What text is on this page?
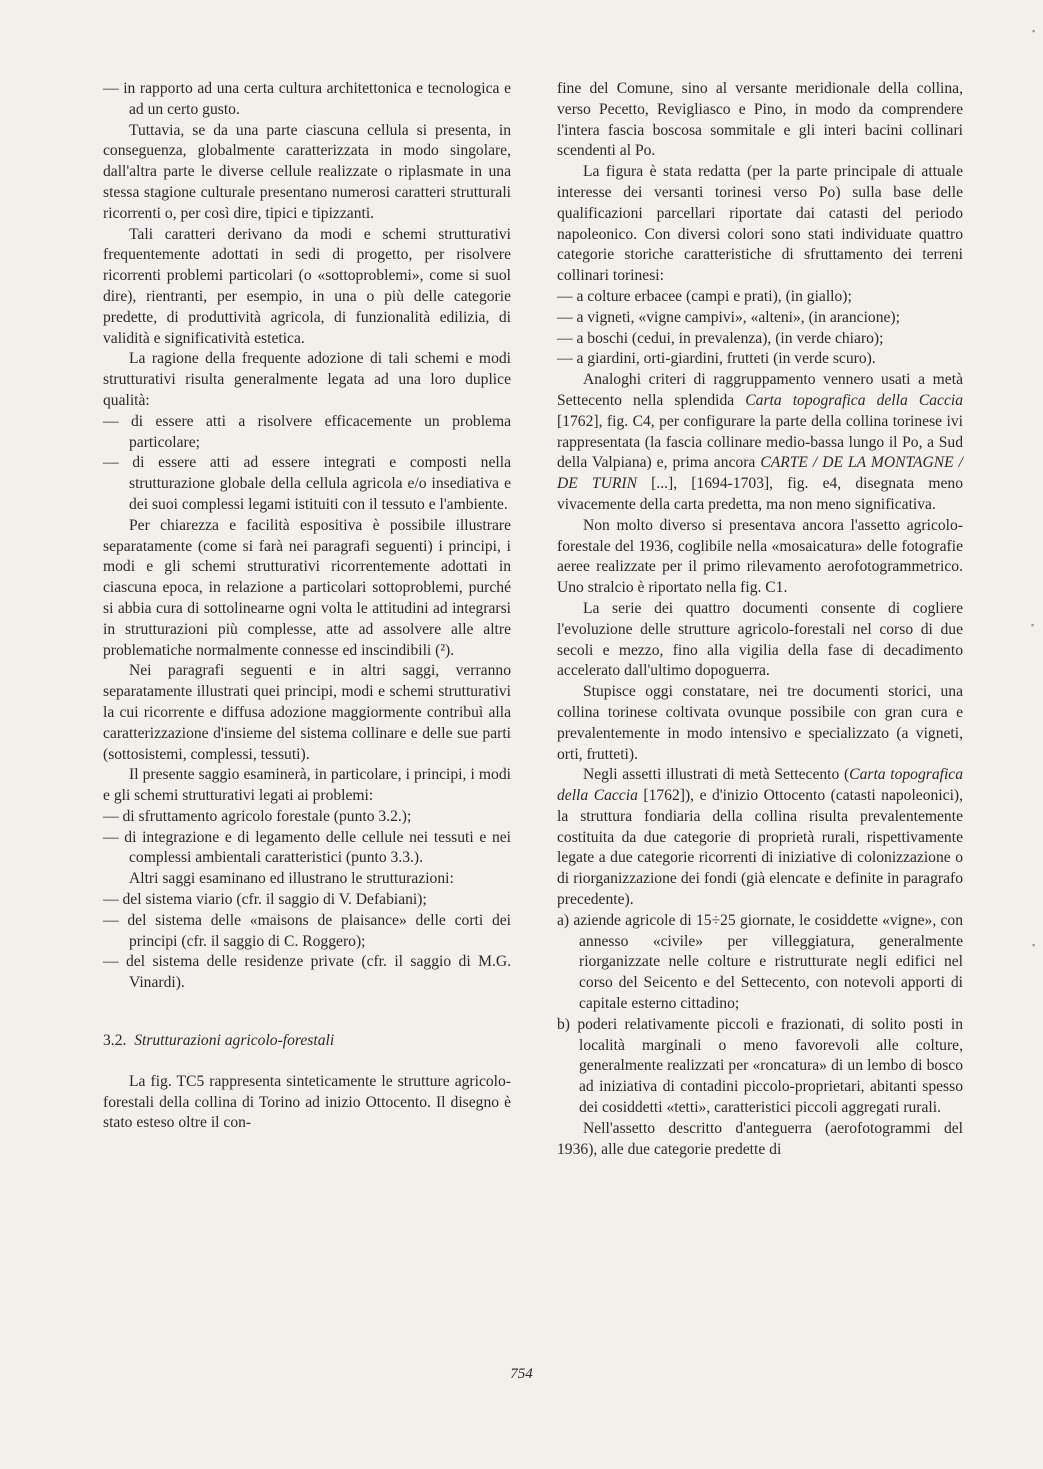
— in rapporto ad una certa cultura architettonica e tecnologica e ad un certo gusto.

Tuttavia, se da una parte ciascuna cellula si presenta, in conseguenza, globalmente caratterizzata in modo singolare, dall'altra parte le diverse cellule realizzate o riplasmate in una stessa stagione culturale presentano numerosi caratteri strutturali ricorrenti o, per così dire, tipici e tipizzanti.

Tali caratteri derivano da modi e schemi strutturativi frequentemente adottati in sedi di progetto, per risolvere ricorrenti problemi particolari (o «sottoproblemi», come si suol dire), rientranti, per esempio, in una o più delle categorie predette, di produttività agricola, di funzionalità edilizia, di validità e significatività estetica.

La ragione della frequente adozione di tali schemi e modi strutturativi risulta generalmente legata ad una loro duplice qualità:

— di essere atti a risolvere efficacemente un problema particolare;

— di essere atti ad essere integrati e composti nella strutturazione globale della cellula agricola e/o insediativa e dei suoi complessi legami istituiti con il tessuto e l'ambiente.

Per chiarezza e facilità espositiva è possibile illustrare separatamente (come si farà nei paragrafi seguenti) i principi, i modi e gli schemi strutturativi ricorrentemente adottati in ciascuna epoca, in relazione a particolari sottoproblemi, purché si abbia cura di sottolinearne ogni volta le attitudini ad integrarsi in strutturazioni più complesse, atte ad assolvere alle altre problematiche normalmente connesse ed inscindibili (²).

Nei paragrafi seguenti e in altri saggi, verranno separatamente illustrati quei principi, modi e schemi strutturativi la cui ricorrente e diffusa adozione maggiormente contribuì alla caratterizzazione d'insieme del sistema collinare e delle sue parti (sottosistemi, complessi, tessuti).

Il presente saggio esaminerà, in particolare, i principi, i modi e gli schemi strutturativi legati ai problemi:

— di sfruttamento agricolo forestale (punto 3.2.);

— di integrazione e di legamento delle cellule nei tessuti e nei complessi ambientali caratteristici (punto 3.3.).

Altri saggi esaminano ed illustrano le strutturazioni:

— del sistema viario (cfr. il saggio di V. Defabiani);

— del sistema delle «maisons de plaisance» delle corti dei principi (cfr. il saggio di C. Roggero);

— del sistema delle residenze private (cfr. il saggio di M.G. Vinardi).

3.2. Strutturazioni agricolo-forestali

La fig. TC5 rappresenta sinteticamente le strutture agricolo-forestali della collina di Torino ad inizio Ottocento. Il disegno è stato esteso oltre il con-

fine del Comune, sino al versante meridionale della collina, verso Pecetto, Revigliasco e Pino, in modo da comprendere l'intera fascia boscosa sommitale e gli interi bacini collinari scendenti al Po.

La figura è stata redatta (per la parte principale di attuale interesse dei versanti torinesi verso Po) sulla base delle qualificazioni parcellari riportate dai catasti del periodo napoleonico. Con diversi colori sono stati individuate quattro categorie storiche caratteristiche di sfruttamento dei terreni collinari torinesi:

— a colture erbacee (campi e prati), (in giallo);

— a vigneti, «vigne campivi», «alteni», (in arancione);

— a boschi (cedui, in prevalenza), (in verde chiaro);

— a giardini, orti-giardini, frutteti (in verde scuro).

Analoghi criteri di raggruppamento vennero usati a metà Settecento nella splendida Carta topografica della Caccia [1762], fig. C4, per configurare la parte della collina torinese ivi rappresentata (la fascia collinare medio-bassa lungo il Po, a Sud della Valpiana) e, prima ancora CARTE / DE LA MONTAGNE / DE TURIN [...], [1694-1703], fig. e4, disegnata meno vivacemente della carta predetta, ma non meno significativa.

Non molto diverso si presentava ancora l'assetto agricolo-forestale del 1936, coglibile nella «mosaicatura» delle fotografie aeree realizzate per il primo rilevamento aerofotogrammetrico. Uno stralcio è riportato nella fig. C1.

La serie dei quattro documenti consente di cogliere l'evoluzione delle strutture agricolo-forestali nel corso di due secoli e mezzo, fino alla vigilia della fase di decadimento accelerato dall'ultimo dopoguerra.

Stupisce oggi constatare, nei tre documenti storici, una collina torinese coltivata ovunque possibile con gran cura e prevalentemente in modo intensivo e specializzato (a vigneti, orti, frutteti).

Negli assetti illustrati di metà Settecento (Carta topografica della Caccia [1762]), e d'inizio Ottocento (catasti napoleonici), la struttura fondiaria della collina risulta prevalentemente costituita da due categorie di proprietà rurali, rispettivamente legate a due categorie ricorrenti di iniziative di colonizzazione o di riorganizzazione dei fondi (già elencate e definite in paragrafo precedente).

a) aziende agricole di 15÷25 giornate, le cosiddette «vigne», con annesso «civile» per villeggiatura, generalmente riorganizzate nelle colture e ristrutturate negli edifici nel corso del Seicento e del Settecento, con notevoli apporti di capitale esterno cittadino;

b) poderi relativamente piccoli e frazionati, di solito posti in località marginali o meno favorevoli alle colture, generalmente realizzati per «roncatura» di un lembo di bosco ad iniziativa di contadini piccolo-proprietari, abitanti spesso dei cosiddetti «tetti», caratteristici piccoli aggregati rurali.

Nell'assetto descritto d'anteguerra (aerofotogrammi del 1936), alle due categorie predette di

754
▪
▪
▪
